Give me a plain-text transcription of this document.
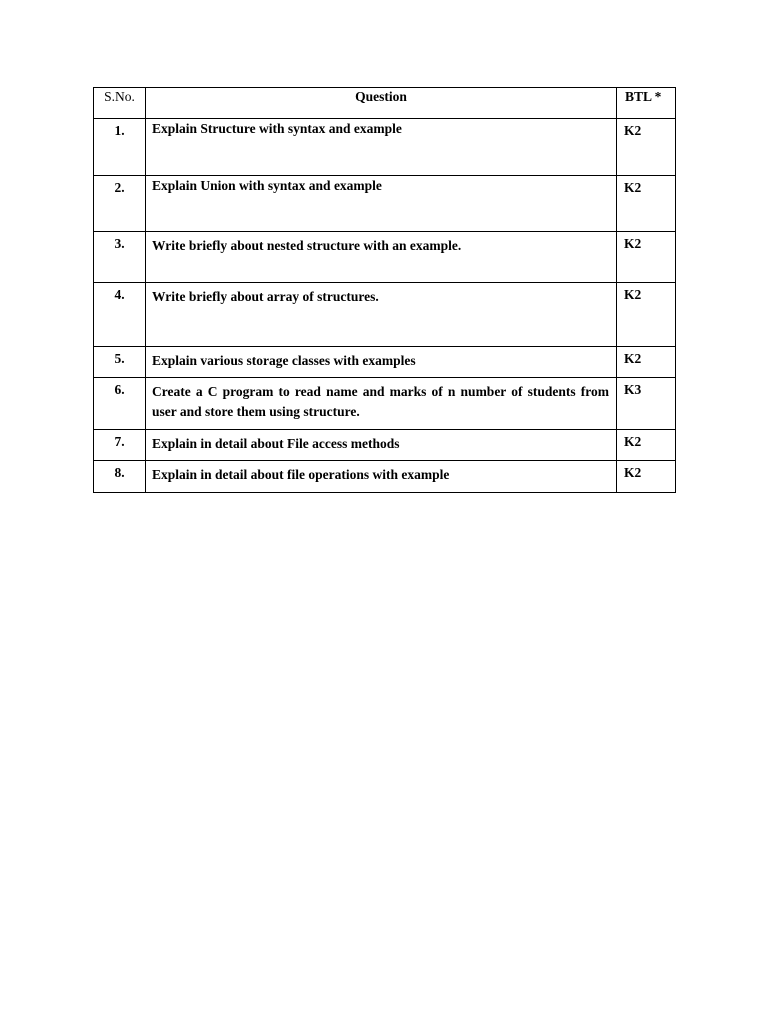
S.No.	Question	BTL *

1.	Explain Structure with syntax and example	K2

2.	Explain Union with syntax and example	K2

3.	Write briefly about nested structure with an example.	K2

4.	Write briefly about array of structures.	K2

5.	Explain various storage classes with examples	K2

6.	Create a C program to read name and marks of n number of students from user and store them using structure.	K3

7.	Explain in detail about File access methods	K2

8.	Explain in detail about file operations with example	K2
